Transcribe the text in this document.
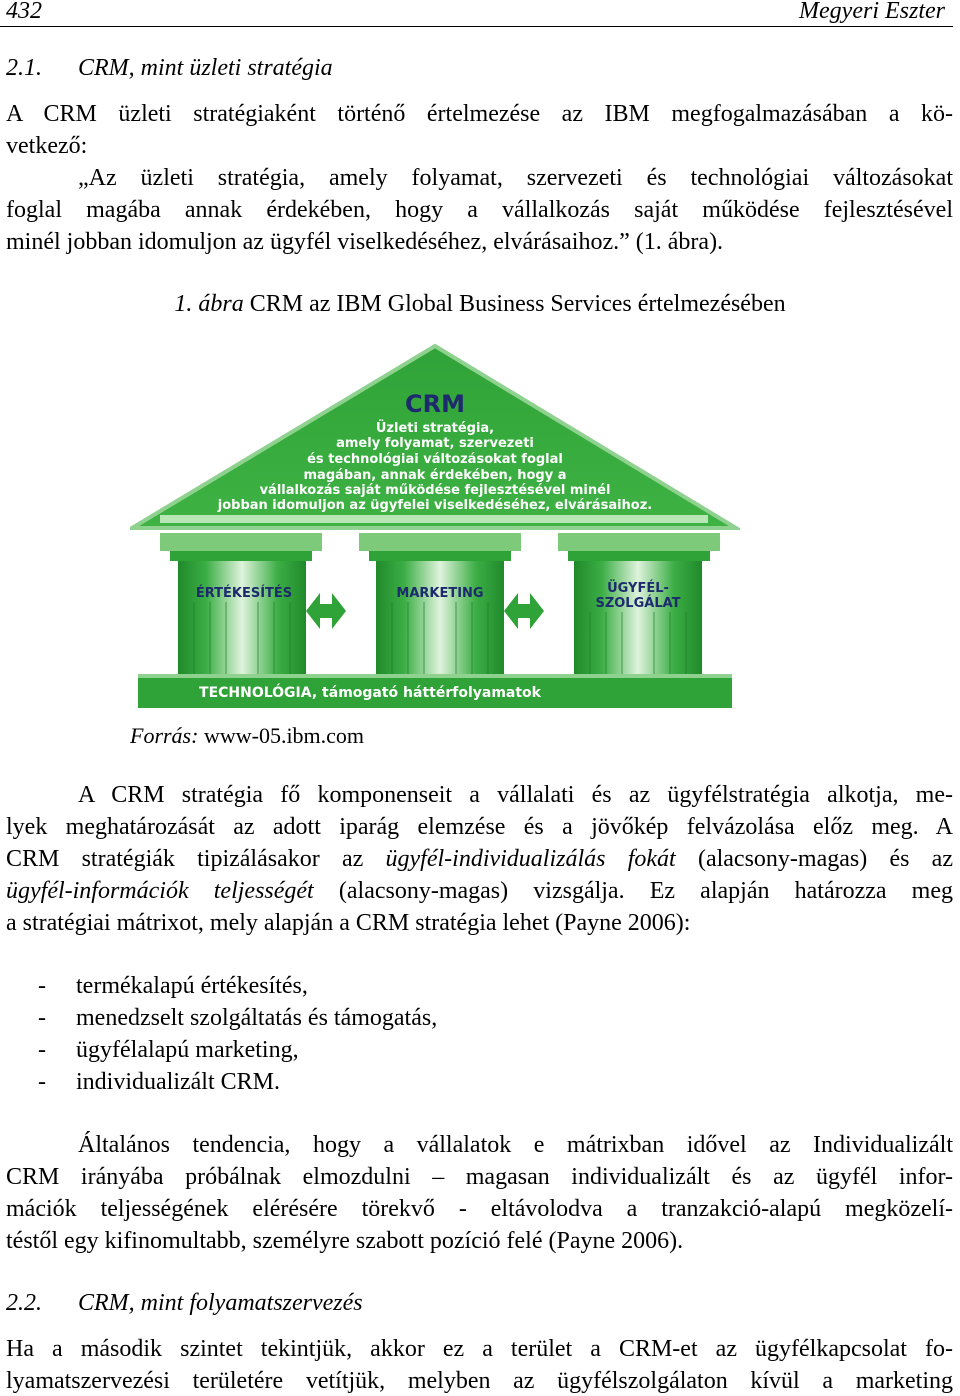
432	Megyeri Eszter
2.1. CRM, mint üzleti stratégia
A CRM üzleti stratégiaként történő értelmezése az IBM megfogalmazásában a kö-
vetkező:
„Az üzleti stratégia, amely folyamat, szervezeti és technológiai változásokat
foglal magába annak érdekében, hogy a vállalkozás saját működése fejlesztésével
minél jobban idomuljon az ügyfél viselkedéséhez, elvárásaihoz.” (1. ábra).
1. ábra CRM az IBM Global Business Services értelmezésében
CRM
Üzleti stratégia,
amely folyamat, szervezeti
és technológiai változásokat foglal
magában, annak érdekében, hogy a
vállalkozás saját működése fejlesztésével minél
jobban idomuljon az ügyfelei viselkedéséhez, elvárásaihoz.
ÉRTÉKESÍTÉS	MARKETING	ÜGYFÉL-
SZOLGÁLAT
TECHNOLÓGIA, támogató háttérfolyamatok
Forrás: www-05.ibm.com
A CRM stratégia fő komponenseit a vállalati és az ügyfélstratégia alkotja, me-
lyek meghatározását az adott iparág elemzése és a jövőkép felvázolása előz meg. A
CRM stratégiák tipizálásakor az ügyfél-individualizálás fokát (alacsony-magas) és az
ügyfél-információk teljességét (alacsony-magas) vizsgálja. Ez alapján határozza meg
a stratégiai mátrixot, mely alapján a CRM stratégia lehet (Payne 2006):
- termékalapú értékesítés,
- menedzselt szolgáltatás és támogatás,
- ügyfélalapú marketing,
- individualizált CRM.
Általános tendencia, hogy a vállalatok e mátrixban idővel az Individualizált
CRM irányába próbálnak elmozdulni – magasan individualizált és az ügyfél infor-
mációk teljességének elérésére törekvő - eltávolodva a tranzakció-alapú megközelí-
téstől egy kifinomultabb, személyre szabott pozíció felé (Payne 2006).
2.2. CRM, mint folyamatszervezés
Ha a második szintet tekintjük, akkor ez a terület a CRM-et az ügyfélkapcsolat fo-
lyamatszervezési területére vetítjük, melyben az ügyfélszolgálaton kívül a marketing
